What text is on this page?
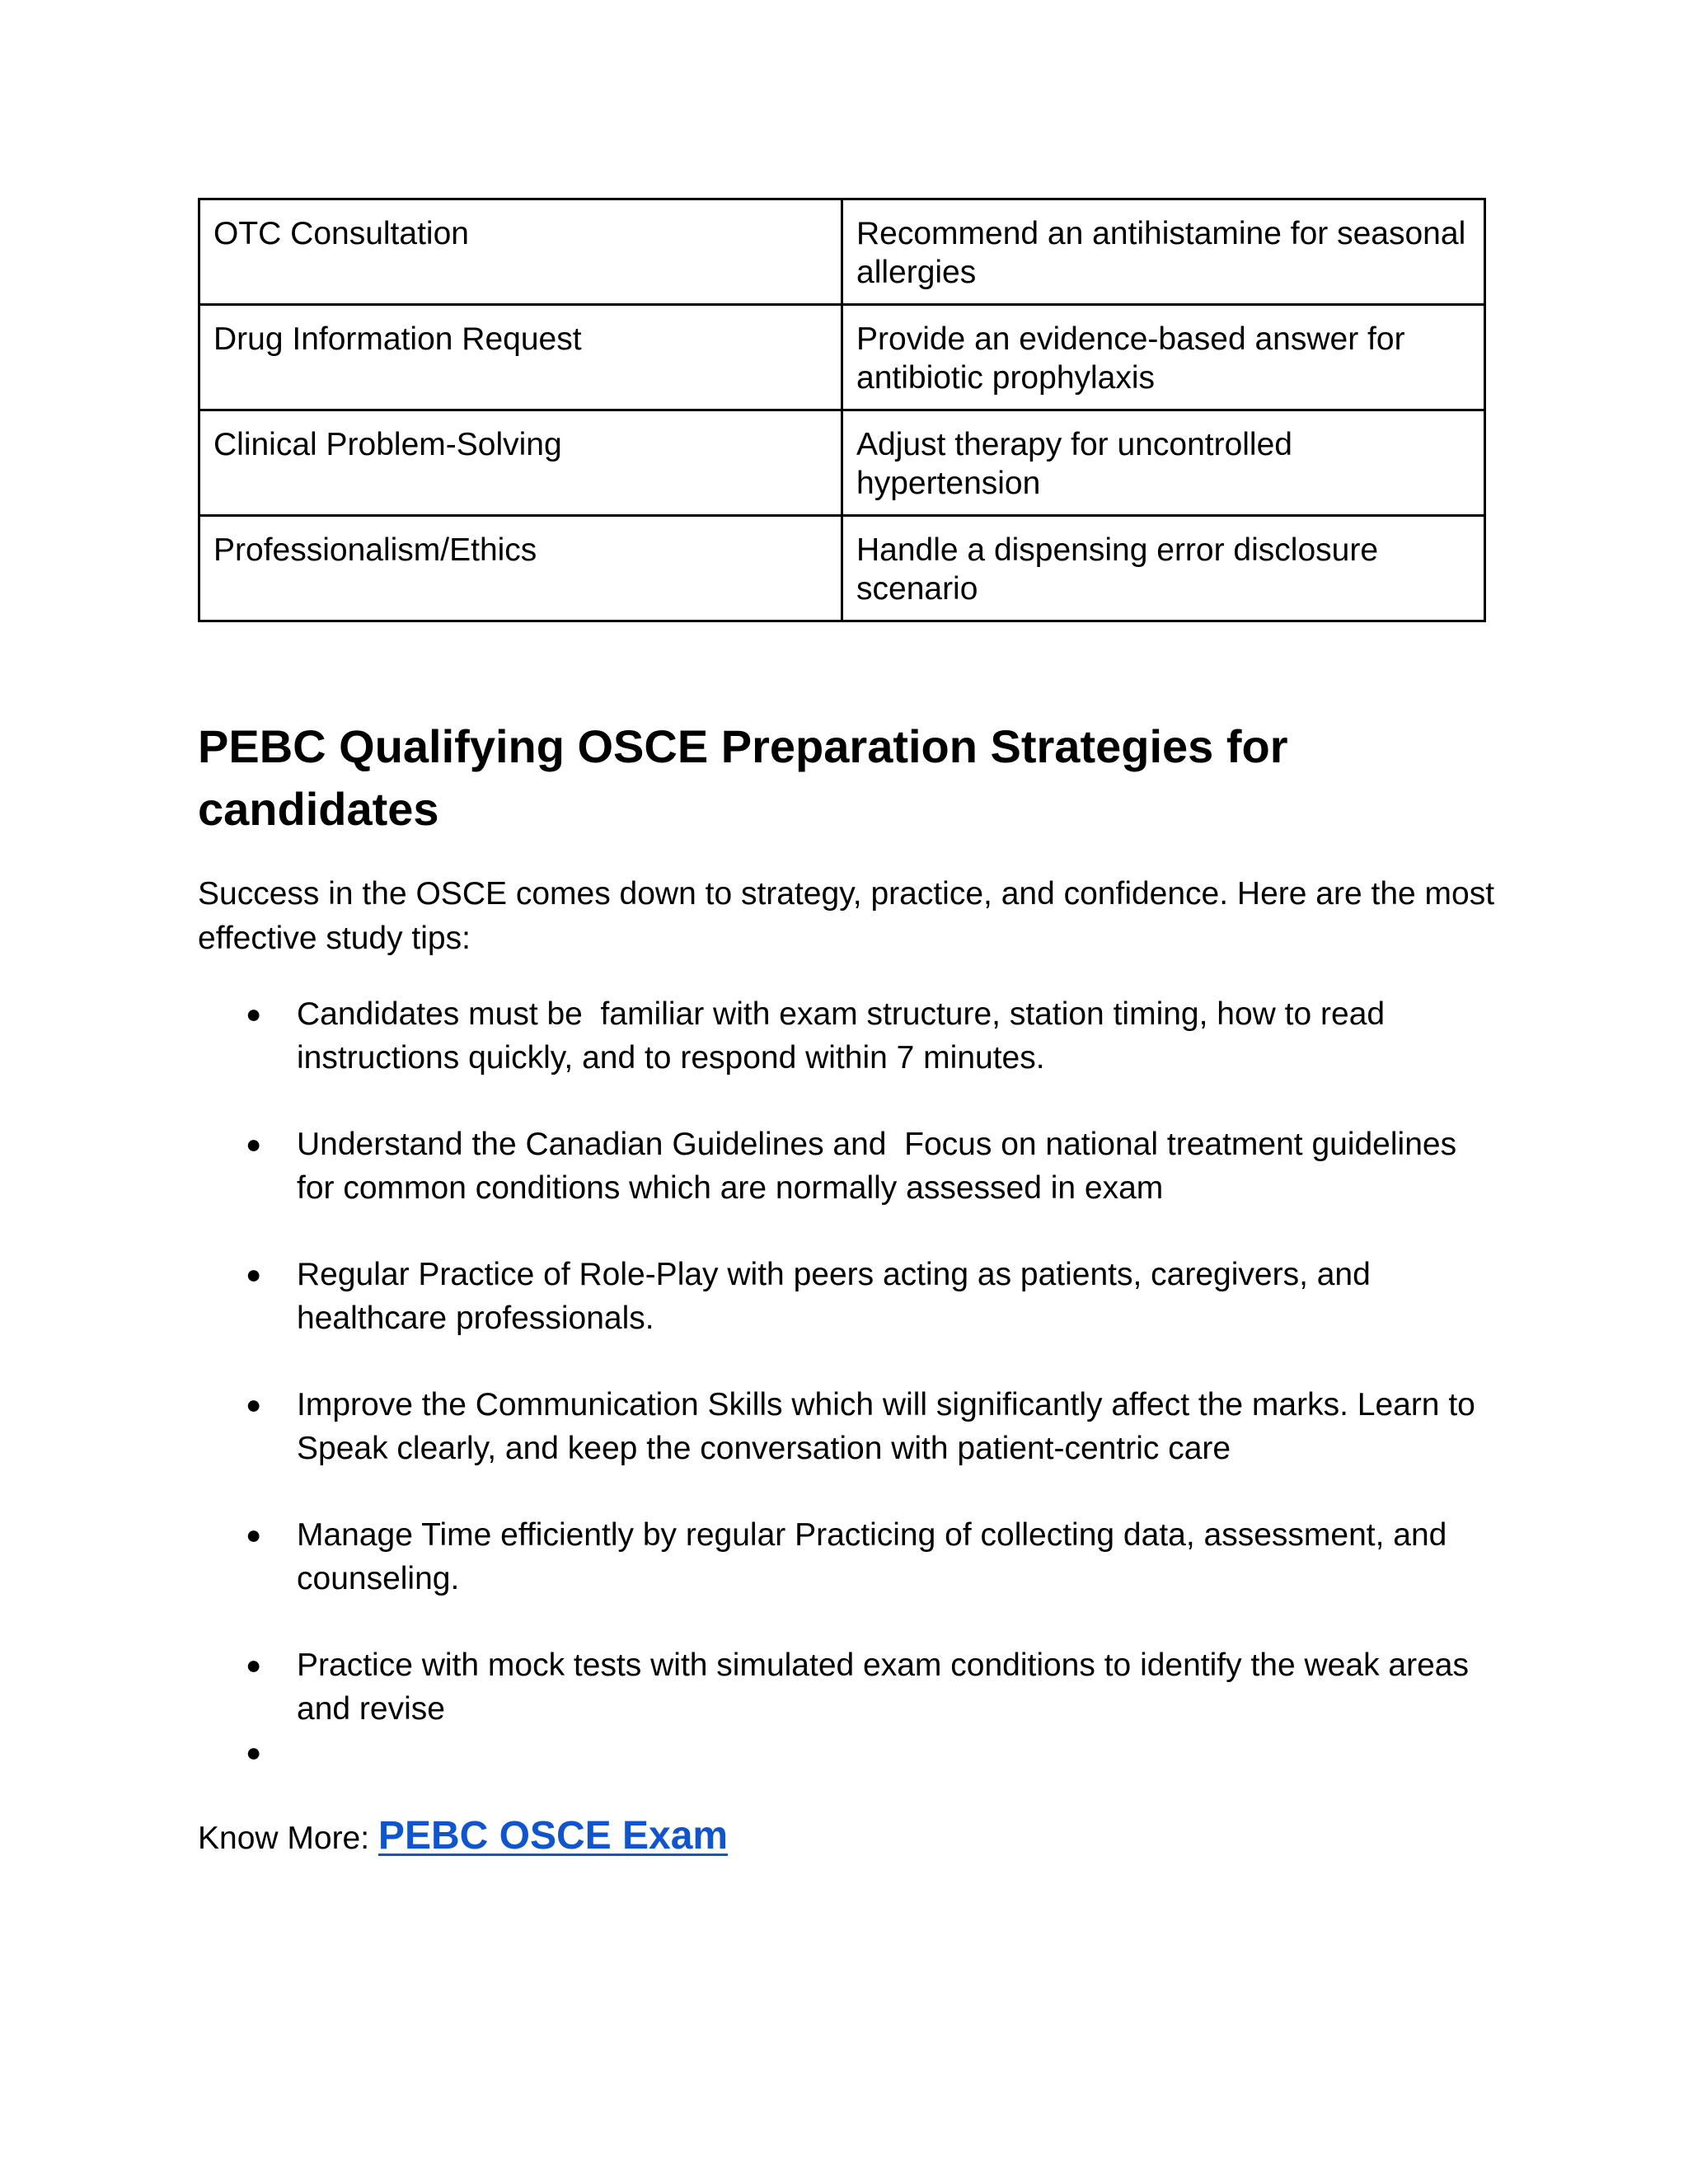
OTC Consultation	Recommend an antihistamine for seasonal allergies
Drug Information Request	Provide an evidence-based answer for antibiotic prophylaxis
Clinical Problem-Solving	Adjust therapy for uncontrolled hypertension
Professionalism/Ethics	Handle a dispensing error disclosure scenario
PEBC Qualifying OSCE Preparation Strategies for candidates

Success in the OSCE comes down to strategy, practice, and confidence. Here are the most effective study tips:

● Candidates must be  familiar with exam structure, station timing, how to read instructions quickly, and to respond within 7 minutes.
● Understand the Canadian Guidelines and  Focus on national treatment guidelines for common conditions which are normally assessed in exam
● Regular Practice of Role-Play with peers acting as patients, caregivers, and healthcare professionals.
● Improve the Communication Skills which will significantly affect the marks. Learn to Speak clearly, and keep the conversation with patient-centric care
● Manage Time efficiently by regular Practicing of collecting data, assessment, and counseling.
● Practice with mock tests with simulated exam conditions to identify the weak areas and revise
●
Know More: PEBC OSCE Exam
